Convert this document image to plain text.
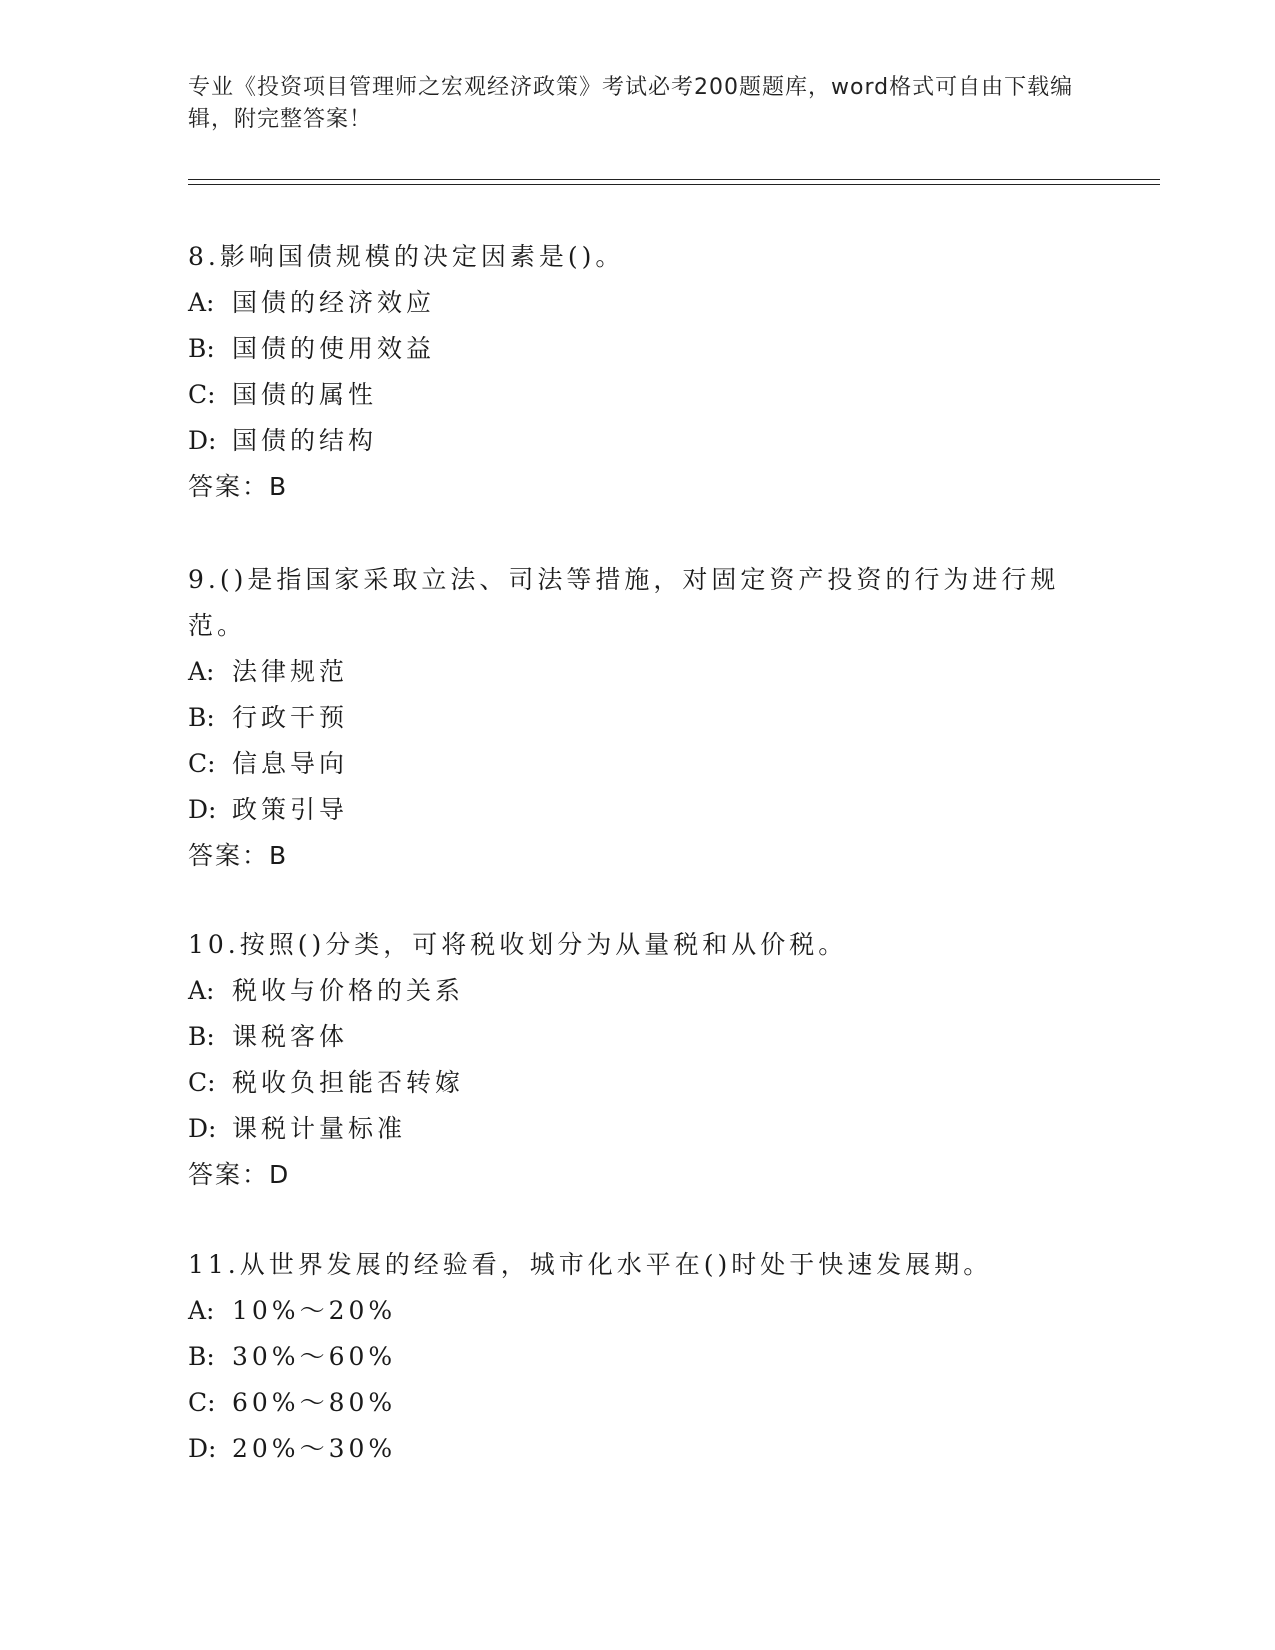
专业《投资项目管理师之宏观经济政策》考试必考200题题库，word格式可自由下载编辑，附完整答案！

8.影响国债规模的决定因素是()。

A: 国债的经济效应

B: 国债的使用效益

C: 国债的属性

D: 国债的结构

答案：B

9.()是指国家采取立法、司法等措施，对固定资产投资的行为进行规范。

A: 法律规范

B: 行政干预

C: 信息导向

D: 政策引导

答案：B

10.按照()分类，可将税收划分为从量税和从价税。

A: 税收与价格的关系

B: 课税客体

C: 税收负担能否转嫁

D: 课税计量标准

答案：D

11.从世界发展的经验看，城市化水平在()时处于快速发展期。

A: 10%～20%

B: 30%～60%

C: 60%～80%

D: 20%～30%
